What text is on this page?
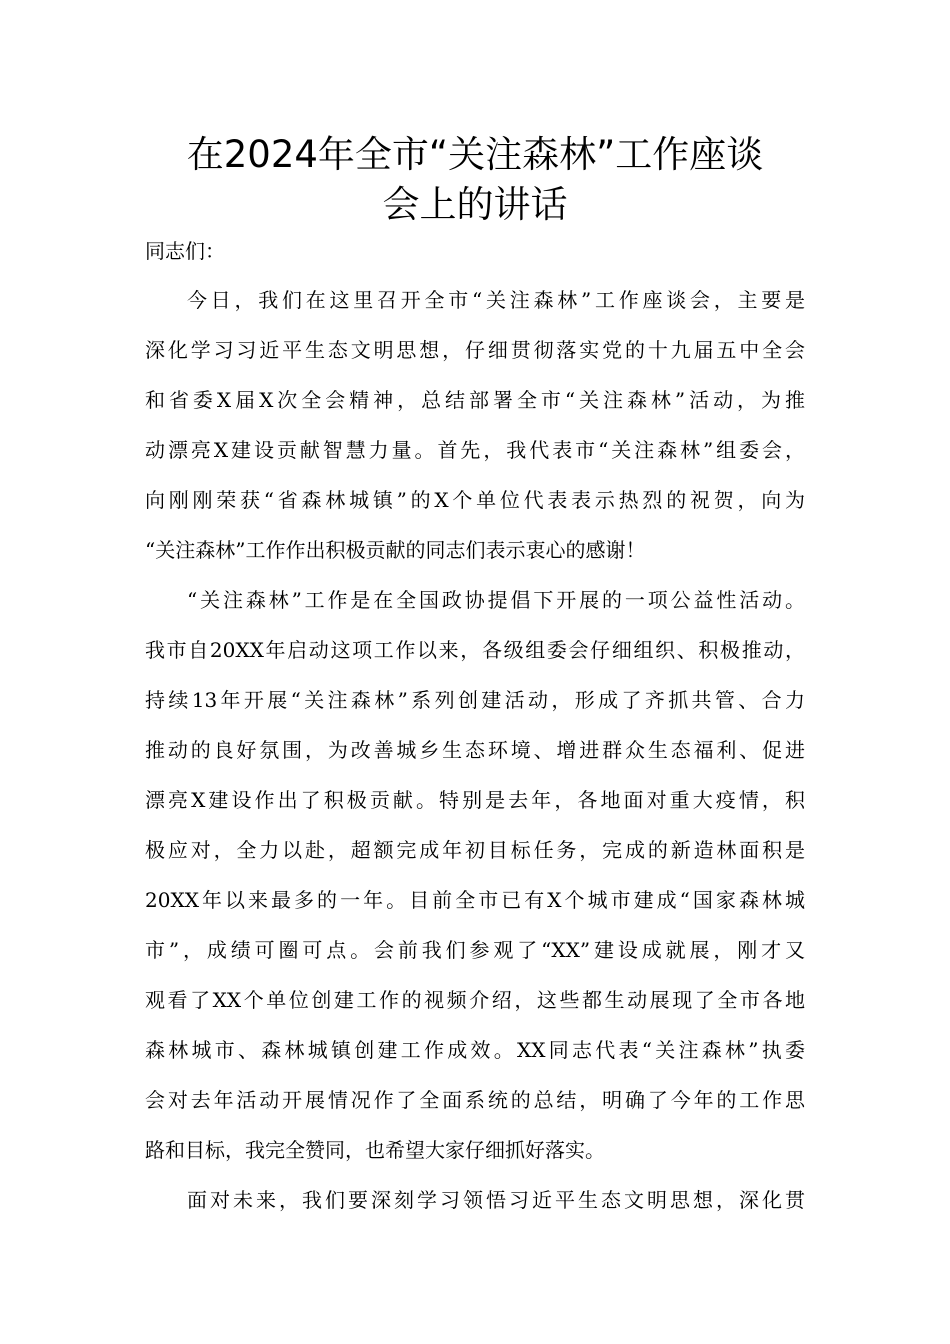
在2024年全市“关注森林”工作座谈
会上的讲话
同志们：
今日，我们在这里召开全市“关注森林”工作座谈会，主要是
深化学习习近平生态文明思想，仔细贯彻落实党的十九届五中全会
和省委X届X次全会精神，总结部署全市“关注森林”活动，为推
动漂亮X建设贡献智慧力量。首先，我代表市“关注森林”组委会，
向刚刚荣获“省森林城镇”的X个单位代表表示热烈的祝贺，向为
“关注森林”工作作出积极贡献的同志们表示衷心的感谢！
“关注森林”工作是在全国政协提倡下开展的一项公益性活动。
我市自20XX年启动这项工作以来，各级组委会仔细组织、积极推动，
持续13年开展“关注森林”系列创建活动，形成了齐抓共管、合力
推动的良好氛围，为改善城乡生态环境、增进群众生态福利、促进
漂亮X建设作出了积极贡献。特别是去年，各地面对重大疫情，积
极应对，全力以赴，超额完成年初目标任务，完成的新造林面积是
20XX年以来最多的一年。目前全市已有X个城市建成“国家森林城
市”，成绩可圈可点。会前我们参观了“XX”建设成就展，刚才又
观看了XX个单位创建工作的视频介绍，这些都生动展现了全市各地
森林城市、森林城镇创建工作成效。XX同志代表“关注森林”执委
会对去年活动开展情况作了全面系统的总结，明确了今年的工作思
路和目标，我完全赞同，也希望大家仔细抓好落实。
面对未来，我们要深刻学习领悟习近平生态文明思想，深化贯
